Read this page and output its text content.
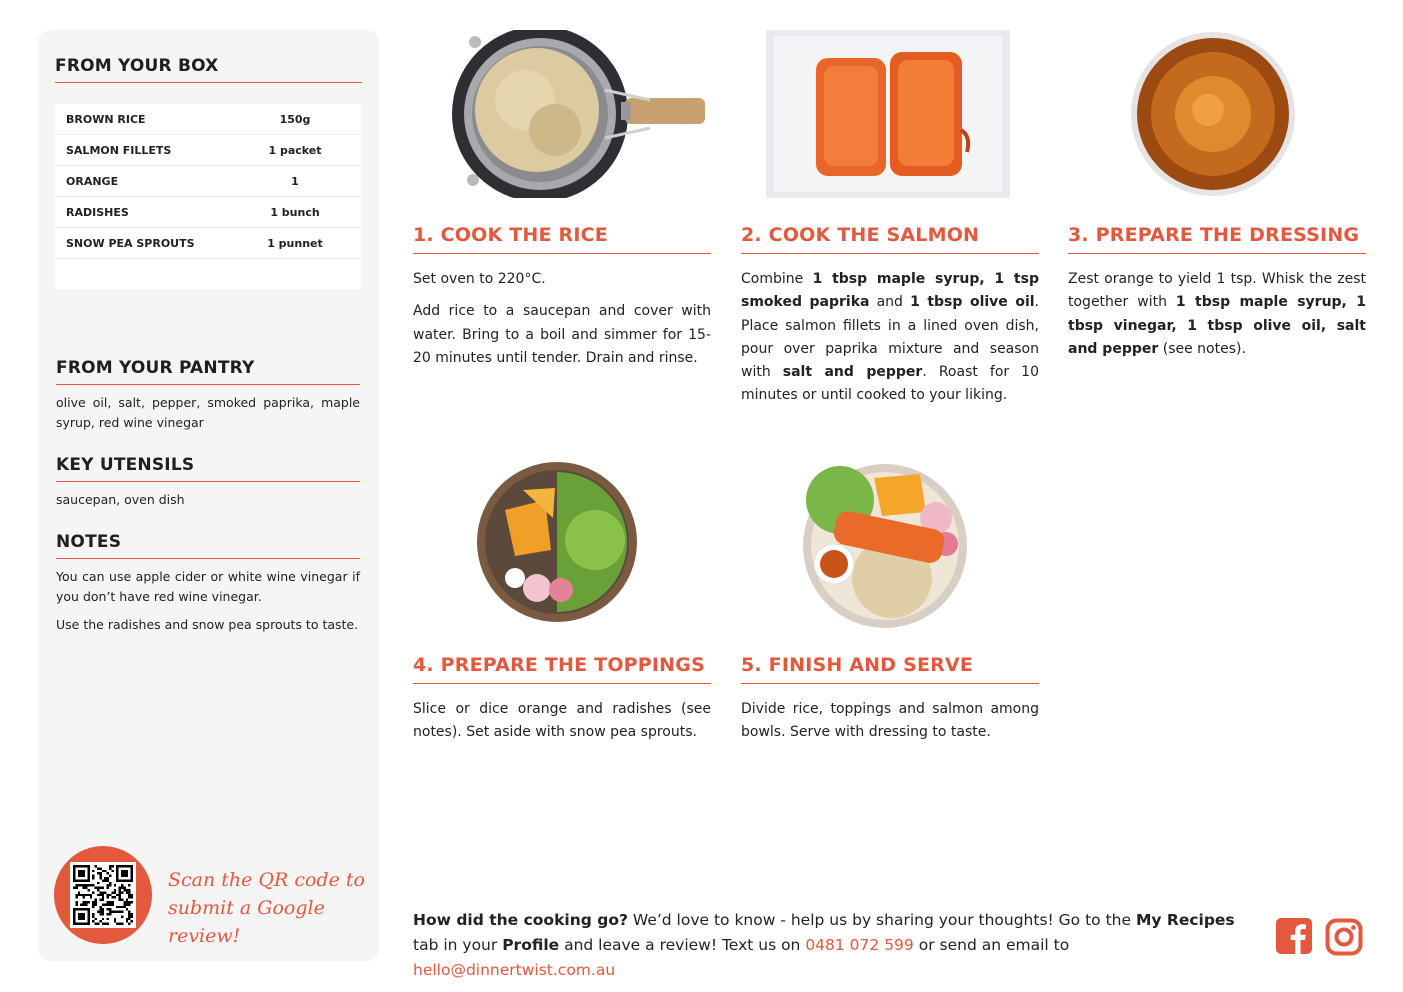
FROM YOUR BOX
BROWN RICE	150g
SALMON FILLETS	1 packet
ORANGE	1
RADISHES	1 bunch
SNOW PEA SPROUTS	1 punnet
FROM YOUR PANTRY
olive oil, salt, pepper, smoked paprika, maple syrup, red wine vinegar
KEY UTENSILS
saucepan, oven dish
NOTES

You can use apple cider or white wine vinegar if you don’t have red wine vinegar.

Use the radishes and snow pea sprouts to taste.

Scan the QR code to
submit a Google review!
1. COOK THE RICE

Set oven to 220°C.

Add rice to a saucepan and cover with water. Bring to a boil and simmer for 15-20 minutes until tender. Drain and rinse.

2. COOK THE SALMON

Combine 1 tbsp maple syrup, 1 tsp smoked paprika and 1 tbsp olive oil. Place salmon fillets in a lined oven dish, pour over paprika mixture and season with salt and pepper. Roast for 10 minutes or until cooked to your liking.

3. PREPARE THE DRESSING

Zest orange to yield 1 tsp. Whisk the zest together with 1 tbsp maple syrup, 1 tbsp vinegar, 1 tbsp olive oil, salt and pepper (see notes).

4. PREPARE THE TOPPINGS

Slice or dice orange and radishes (see notes). Set aside with snow pea sprouts.

5. FINISH AND SERVE

Divide rice, toppings and salmon among bowls. Serve with dressing to taste.

How did the cooking go? We’d love to know - help us by sharing your thoughts! Go to the My Recipes tab in your Profile and leave a review! Text us on 0481 072 599 or send an email to hello@dinnertwist.com.au
